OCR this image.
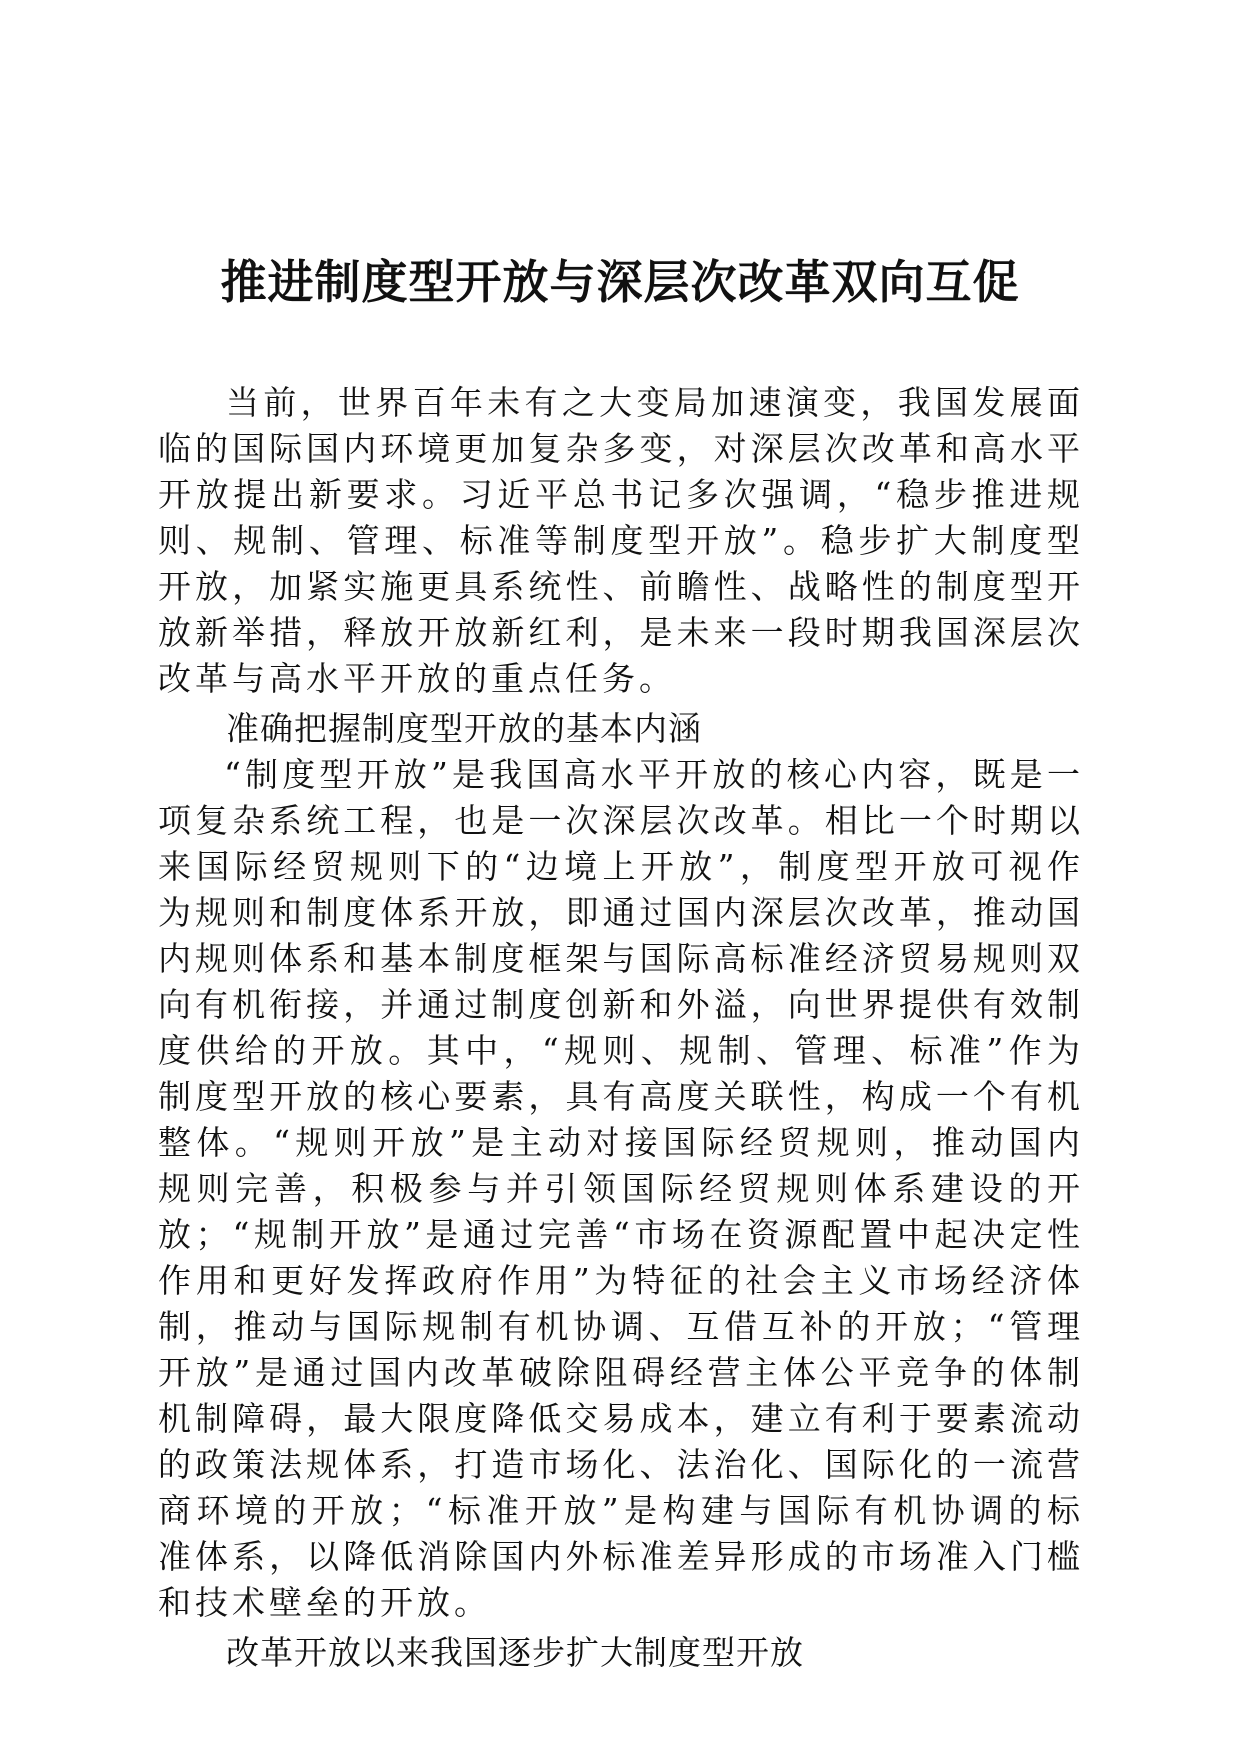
推进制度型开放与深层次改革双向互促

当前，世界百年未有之大变局加速演变，我国发展面临的国际国内环境更加复杂多变，对深层次改革和高水平开放提出新要求。习近平总书记多次强调，“稳步推进规则、规制、管理、标准等制度型开放”。稳步扩大制度型开放，加紧实施更具系统性、前瞻性、战略性的制度型开放新举措，释放开放新红利，是未来一段时期我国深层次改革与高水平开放的重点任务。

准确把握制度型开放的基本内涵

“制度型开放”是我国高水平开放的核心内容，既是一项复杂系统工程，也是一次深层次改革。相比一个时期以来国际经贸规则下的“边境上开放”，制度型开放可视作为规则和制度体系开放，即通过国内深层次改革，推动国内规则体系和基本制度框架与国际高标准经济贸易规则双向有机衔接，并通过制度创新和外溢，向世界提供有效制度供给的开放。其中，“规则、规制、管理、标准”作为制度型开放的核心要素，具有高度关联性，构成一个有机整体。“规则开放”是主动对接国际经贸规则，推动国内规则完善，积极参与并引领国际经贸规则体系建设的开放；“规制开放”是通过完善“市场在资源配置中起决定性作用和更好发挥政府作用”为特征的社会主义市场经济体制，推动与国际规制有机协调、互借互补的开放；“管理开放”是通过国内改革破除阻碍经营主体公平竞争的体制机制障碍，最大限度降低交易成本，建立有利于要素流动的政策法规体系，打造市场化、法治化、国际化的一流营商环境的开放；“标准开放”是构建与国际有机协调的标准体系，以降低消除国内外标准差异形成的市场准入门槛和技术壁垒的开放。

改革开放以来我国逐步扩大制度型开放
